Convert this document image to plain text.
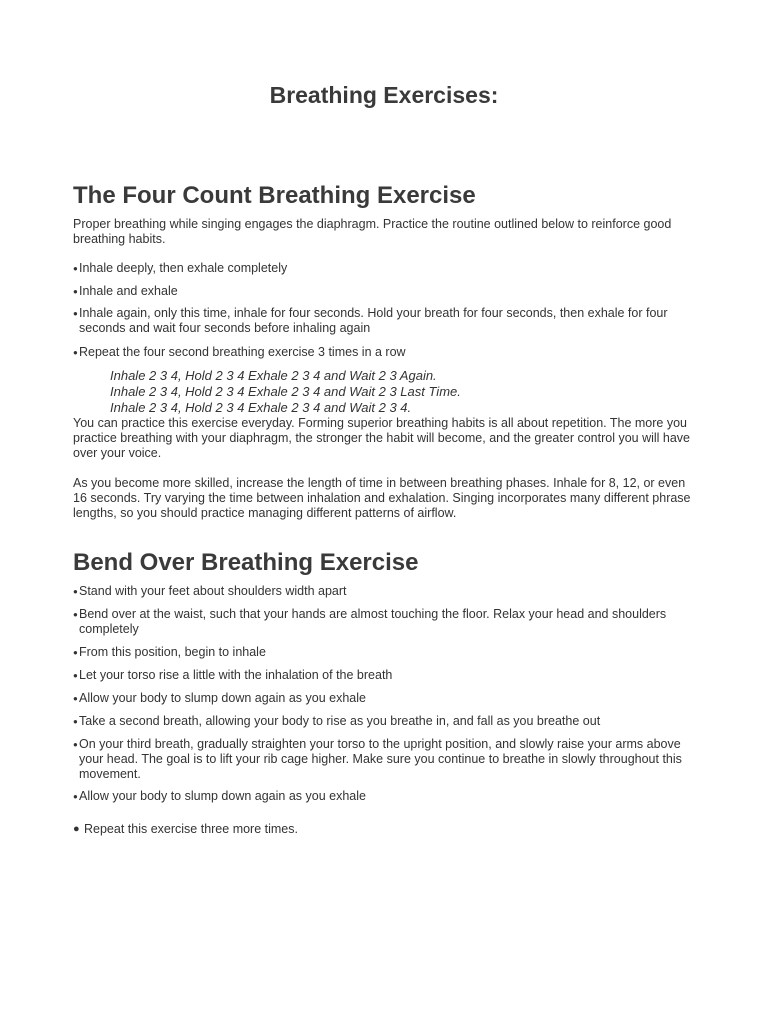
Breathing Exercises:
The Four Count Breathing Exercise

Proper breathing while singing engages the diaphragm. Practice the routine outlined below to reinforce good breathing habits.

● Inhale deeply, then exhale completely
● Inhale and exhale
● Inhale again, only this time, inhale for four seconds. Hold your breath for four seconds, then exhale for four seconds and wait four seconds before inhaling again
● Repeat the four second breathing exercise 3 times in a row

Inhale 2 3 4, Hold 2 3 4 Exhale 2 3 4 and Wait 2 3 Again.

Inhale 2 3 4, Hold 2 3 4 Exhale 2 3 4 and Wait 2 3 Last Time.

Inhale 2 3 4, Hold 2 3 4 Exhale 2 3 4 and Wait 2 3 4.

You can practice this exercise everyday. Forming superior breathing habits is all about repetition. The more you practice breathing with your diaphragm, the stronger the habit will become, and the greater control you will have over your voice.

As you become more skilled, increase the length of time in between breathing phases. Inhale for 8, 12, or even 16 seconds. Try varying the time between inhalation and exhalation. Singing incorporates many different phrase lengths, so you should practice managing different patterns of airflow.

Bend Over Breathing Exercise
● Stand with your feet about shoulders width apart
● Bend over at the waist, such that your hands are almost touching the floor. Relax your head and shoulders completely
● From this position, begin to inhale
● Let your torso rise a little with the inhalation of the breath
● Allow your body to slump down again as you exhale
● Take a second breath, allowing your body to rise as you breathe in, and fall as you breathe out
● On your third breath, gradually straighten your torso to the upright position, and slowly raise your arms above your head. The goal is to lift your rib cage higher. Make sure you continue to breathe in slowly throughout this movement.
● Allow your body to slump down again as you exhale
● Repeat this exercise three more times.
